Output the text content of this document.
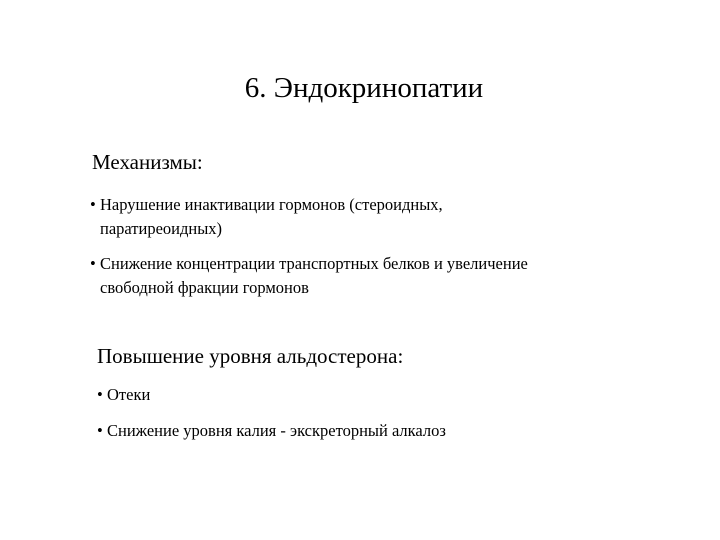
6. Эндокринопатии
Механизмы:
• Нарушение инактивации гормонов (стероидных,
паратиреоидных)
• Снижение концентрации транспортных белков и увеличение
свободной фракции гормонов
Повышение уровня альдостерона:
• Отеки
• Снижение уровня калия - экскреторный алкалоз
